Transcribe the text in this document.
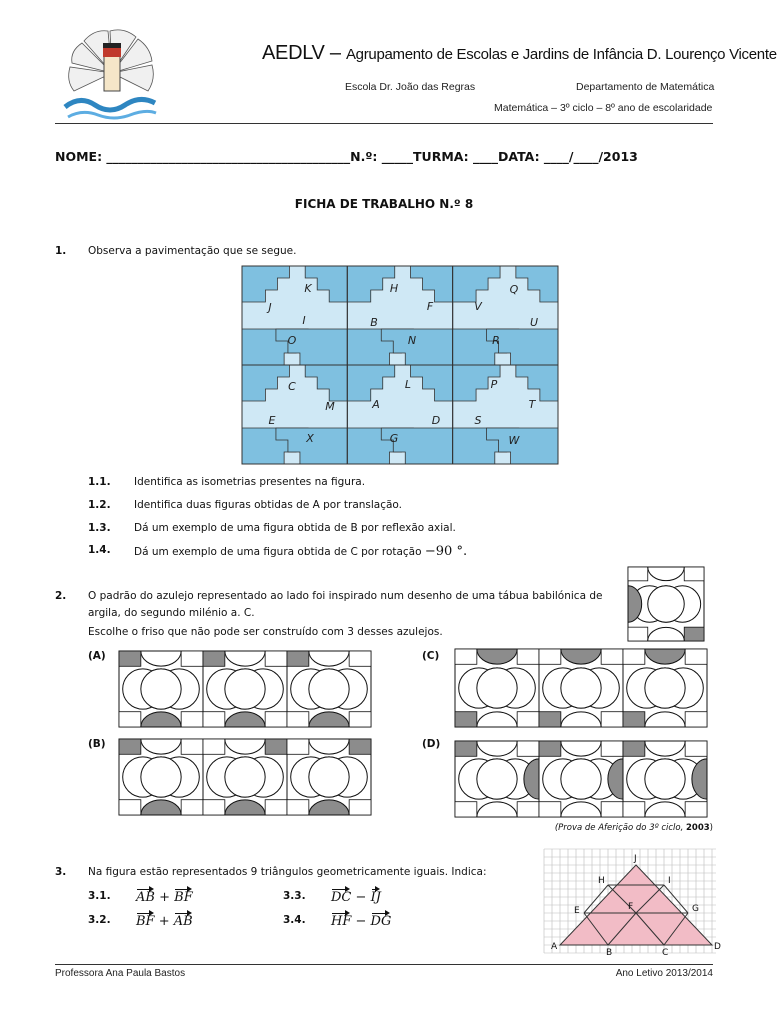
AEDLV – Agrupamento de Escolas e Jardins de Infância D. Lourenço Vicente
Escola Dr. João das Regras	Departamento de Matemática
Matemática – 3º ciclo – 8º ano de escolaridade
NOME: _______________________________________N.º: _____TURMA: ____DATA: ____/____/2013
FICHA DE TRABALHO N.º 8
1. Observa a pavimentação que se segue.
K
J
I
O
H
B
F
N
Q
V
U
R
C
E
M
X
L
A
G
D
P
T
S
W
1.1. Identifica as isometrias presentes na figura.
1.2. Identifica duas figuras obtidas de A por translação.
1.3. Dá um exemplo de uma figura obtida de B por reflexão axial.
1.4. Dá um exemplo de uma figura obtida de C por rotação −90 °.
2. O padrão do azulejo representado ao lado foi inspirado num desenho de uma tábua babilónica de
argila, do segundo milénio a. C.
Escolhe o friso que não pode ser construído com 3 desses azulejos.
(A)	(C)
(B)	(D)
(Prova de Aferição do 3º ciclo, 2003)
3. Na figura estão representados 9 triângulos geometricamente iguais. Indica:
3.1. AB + BF	3.3. DC − IJ
3.2. BF + AB	3.4. HF − DG
J
H	I
E	F	G
A
B	C
D
Professora Ana Paula Bastos	Ano Letivo 2013/2014
